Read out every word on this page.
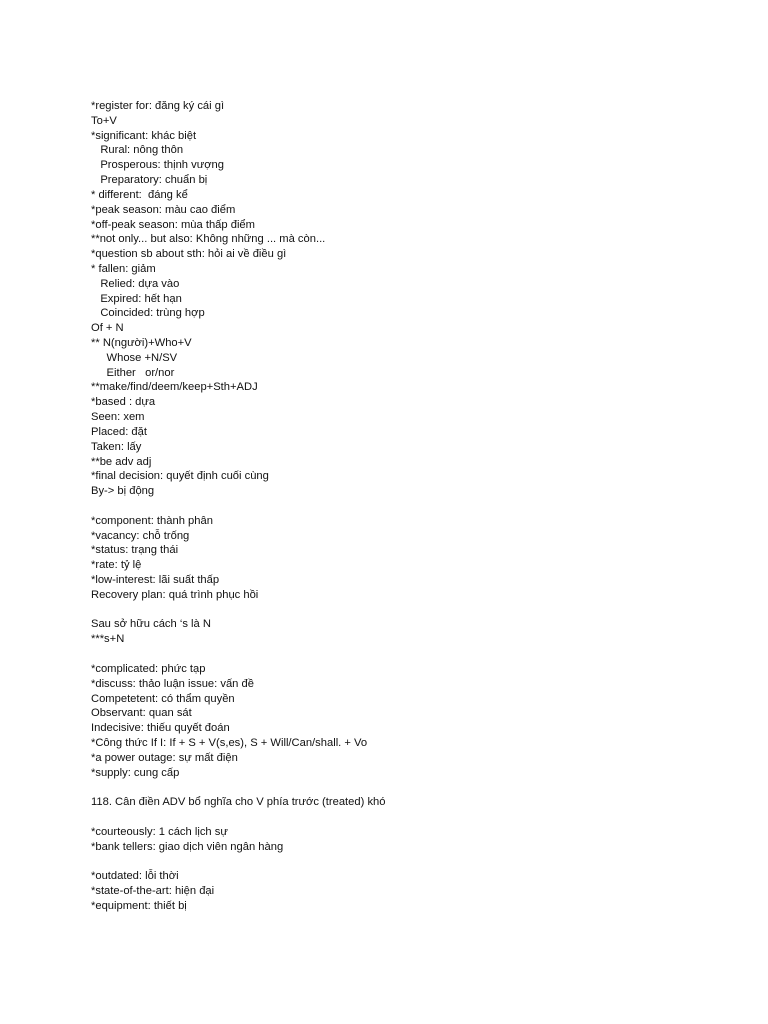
*register for: đăng ký cái gì
To+V
*significant: khác biệt
Rural: nông thôn
Prosperous: thịnh vượng
Preparatory: chuẩn bị
* different:  đáng kể
*peak season: màu cao điểm
*off-peak season: mùa thấp điểm
**not only... but also: Không những ... mà còn...
*question sb about sth: hỏi ai về điều gì
* fallen: giảm
Relied: dựa vào
Expired: hết hạn
Coincided: trùng hợp
Of + N
** N(người)+Who+V
Whose +N/SV
Either   or/nor
**make/find/deem/keep+Sth+ADJ
*based : dựa
Seen: xem
Placed: đặt
Taken: lấy
**be adv adj
*final decision: quyết định cuối cùng
By-> bị động
*component: thành phân
*vacancy: chỗ trống
*status: trạng thái
*rate: tỷ lệ
*low-interest: lãi suất thấp
Recovery plan: quá trình phục hồi
Sau sở hữu cách ‘s là N
***s+N
*complicated: phức tạp
*discuss: thảo luận issue: vấn đề
Competetent: có thẩm quyền
Observant: quan sát
Indecisive: thiếu quyết đoán
*Công thức If I: If + S + V(s,es), S + Will/Can/shall. + Vo
*a power outage: sự mất điện
*supply: cung cấp
118. Cân điền ADV bổ nghĩa cho V phía trước (treated) khó
*courteously: 1 cách lịch sự
*bank tellers: giao dịch viên ngân hàng
*outdated: lỗi thời
*state-of-the-art: hiện đại
*equipment: thiết bị
